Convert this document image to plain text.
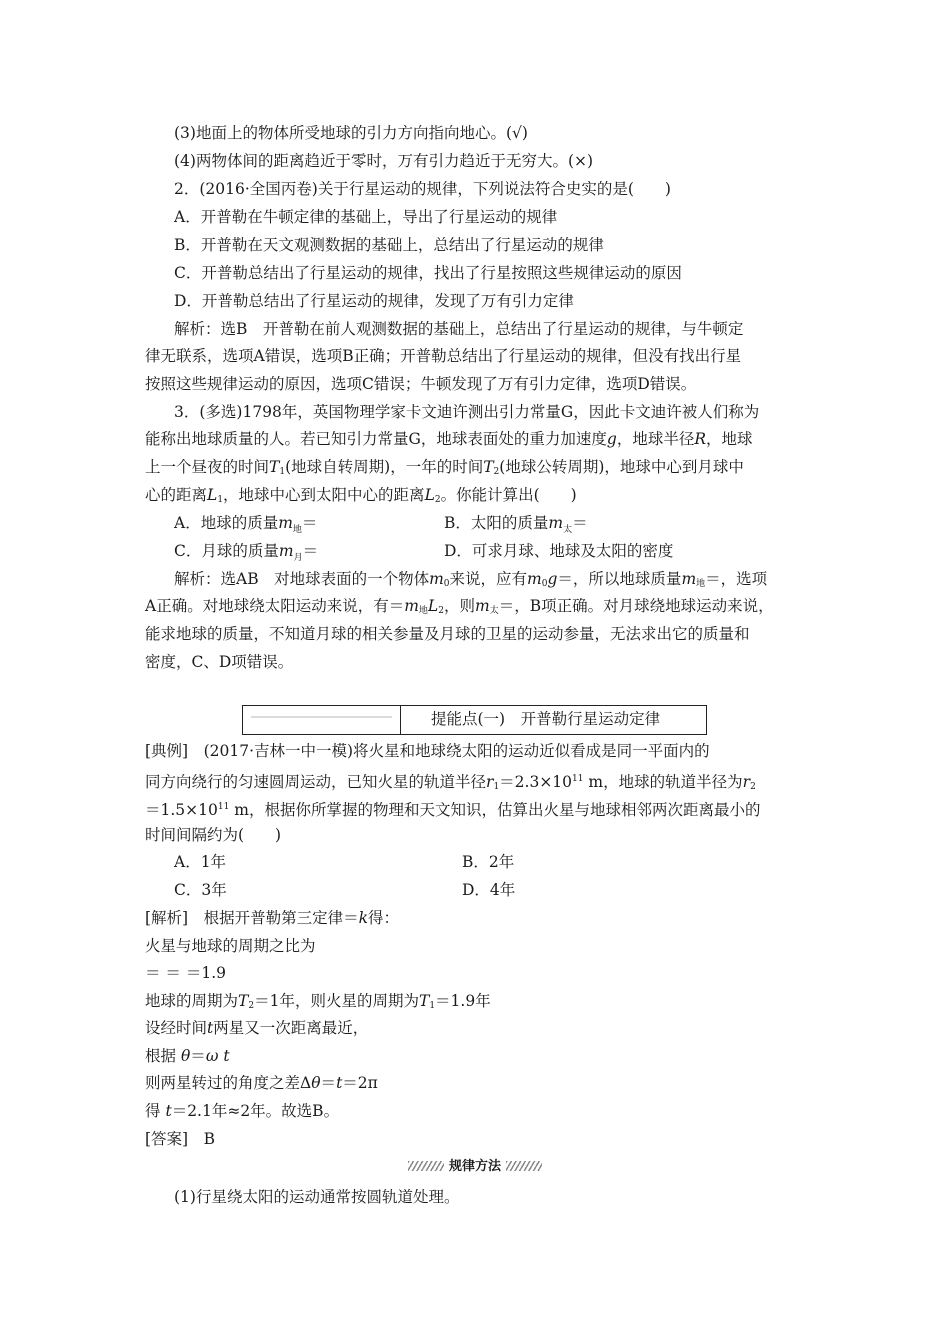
(3)地面上的物体所受地球的引力方向指向地心。(√)
(4)两物体间的距离趋近于零时，万有引力趋近于无穷大。(×)
2．(2016·全国丙卷)关于行星运动的规律，下列说法符合史实的是(　　)
A．开普勒在牛顿定律的基础上，导出了行星运动的规律
B．开普勒在天文观测数据的基础上，总结出了行星运动的规律
C．开普勒总结出了行星运动的规律，找出了行星按照这些规律运动的原因
D．开普勒总结出了行星运动的规律，发现了万有引力定律
解析：选B　开普勒在前人观测数据的基础上，总结出了行星运动的规律，与牛顿定
律无联系，选项A错误，选项B正确；开普勒总结出了行星运动的规律，但没有找出行星
按照这些规律运动的原因，选项C错误；牛顿发现了万有引力定律，选项D错误。
3．(多选)1798年，英国物理学家卡文迪许测出引力常量G，因此卡文迪许被人们称为
能称出地球质量的人。若已知引力常量G，地球表面处的重力加速度g，地球半径R，地球
上一个昼夜的时间$T_1$(地球自转周期)，一年的时间$T_2$(地球公转周期)，地球中心到月球中
心的距离$L_1$，地球中心到太阳中心的距离$L_2$。你能计算出(　　)
A．地球的质量$m_地=$	B．太阳的质量$m_太=$
C．月球的质量$m_月=$	D．可求月球、地球及太阳的密度
解析：选AB　对地球表面的一个物体$m_0$来说，应有$m_0g=$，所以地球质量$m_地=$，选项
A正确。对地球绕太阳运动来说，有$=m_地L_2$，则$m_太=$，B项正确。对月球绕地球运动来说，
能求地球的质量，不知道月球的相关参量及月球的卫星的运动参量，无法求出它的质量和
密度，C、D项错误。
提能点(一)　开普勒行星运动定律
[典例]　(2017·吉林一中一模)将火星和地球绕太阳的运动近似看成是同一平面内的
同方向绕行的匀速圆周运动，已知火星的轨道半径$r_1=2.3\times 10^{11}$ m，地球的轨道半径为$r_2$
$=1.5\times 10^{11}$ m，根据你所掌握的物理和天文知识，估算出火星与地球相邻两次距离最小的
时间间隔约为(　　)
A．1年	B．2年
C．3年	D．4年
[解析]　根据开普勒第三定律＝k得：
火星与地球的周期之比为
＝ ＝ ＝1.9
地球的周期为$T_2=1$年，则火星的周期为$T_1=1.9$年
设经时间t两星又一次距离最近，
根据 θ＝ω t
则两星转过的角度之差Δθ＝t＝2π
得 t＝2.1年≈2年。故选B。
[答案]　B
规律方法
(1)行星绕太阳的运动通常按圆轨道处理。
